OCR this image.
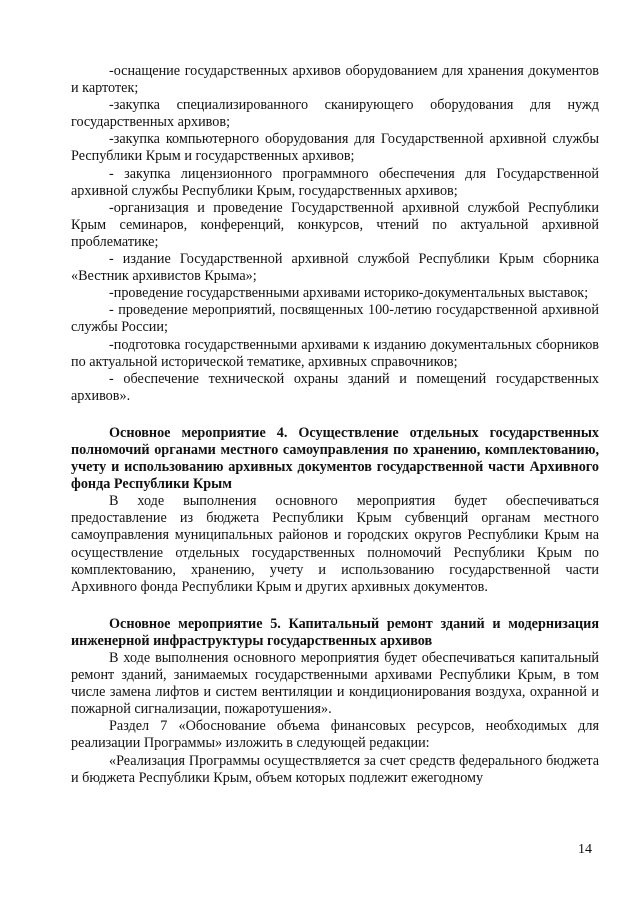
-оснащение государственных архивов оборудованием для хранения документов и картотек;

-закупка специализированного сканирующего оборудования для нужд государственных архивов;

-закупка компьютерного оборудования для Государственной архивной службы Республики Крым и государственных архивов;

- закупка лицензионного программного обеспечения для Государственной архивной службы Республики Крым, государственных архивов;

-организация и проведение Государственной архивной службой Республики Крым семинаров, конференций, конкурсов, чтений по актуальной архивной проблематике;

- издание Государственной архивной службой Республики Крым сборника «Вестник архивистов Крыма»;

-проведение государственными архивами историко-документальных выставок;

- проведение мероприятий, посвященных 100-летию государственной архивной службы России;

-подготовка государственными архивами к изданию документальных сборников по актуальной исторической тематике, архивных справочников;

- обеспечение технической охраны зданий и помещений государственных архивов».

Основное мероприятие 4. Осуществление отдельных государственных полномочий органами местного самоуправления по хранению, комплектованию, учету и использованию архивных документов государственной части Архивного фонда Республики Крым

В ходе выполнения основного мероприятия будет обеспечиваться предоставление из бюджета Республики Крым субвенций органам местного самоуправления муниципальных районов и городских округов Республики Крым на осуществление отдельных государственных полномочий Республики Крым по комплектованию, хранению, учету и использованию государственной части Архивного фонда Республики Крым и других архивных документов.

Основное мероприятие 5. Капитальный ремонт зданий и модернизация инженерной инфраструктуры государственных архивов

В ходе выполнения основного мероприятия будет обеспечиваться капитальный ремонт зданий, занимаемых государственными архивами Республики Крым, в том числе замена лифтов и систем вентиляции и кондиционирования воздуха, охранной и пожарной сигнализации, пожаротушения».

Раздел 7 «Обоснование объема финансовых ресурсов, необходимых для реализации Программы» изложить в следующей редакции:

«Реализация Программы осуществляется за счет средств федерального бюджета и бюджета Республики Крым, объем которых подлежит ежегодному

14
